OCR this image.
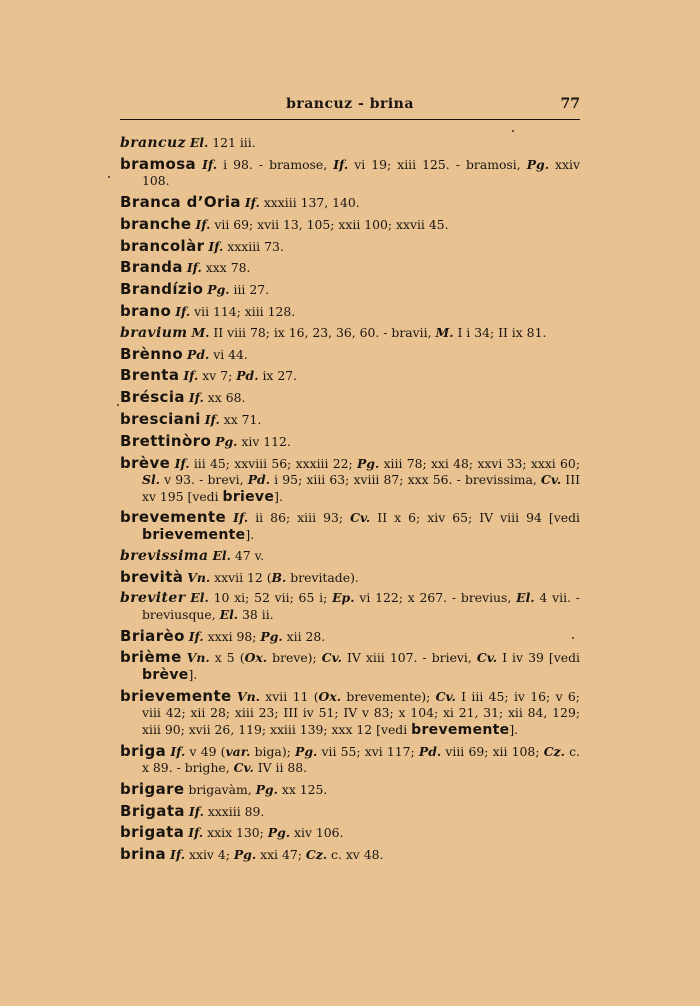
brancuz - brina	77
brancuz El. 121 iii.
bramosa If. i 98. - bramose, If. vi 19; xiii 125. - bramosi, Pg. xxiv 108.
Branca d’Oria If. xxxiii 137, 140.
branche If. vii 69; xvii 13, 105; xxii 100; xxvii 45.
brancolàr If. xxxiii 73.
Branda If. xxx 78.
Brandízio Pg. iii 27.
brano If. vii 114; xiii 128.
bravium M. II viii 78; ix 16, 23, 36, 60. - bravii, M. I i 34; II ix 81.
Brènno Pd. vi 44.
Brenta If. xv 7; Pd. ix 27.
Bréscia If. xx 68.
bresciani If. xx 71.
Brettinòro Pg. xiv 112.
brève If. iii 45; xxviii 56; xxxiii 22; Pg. xiii 78; xxi 48; xxvi 33; xxxi 60; Sl. v 93. - brevi, Pd. i 95; xiii 63; xviii 87; xxx 56. - brevissima, Cv. III xv 195 [vedi brieve].
brevemente If. ii 86; xiii 93; Cv. II x 6; xiv 65; IV viii 94 [vedi brievemente].
brevissima El. 47 v.
brevità Vn. xxvii 12 (B. brevitade).
breviter El. 10 xi; 52 vii; 65 i; Ep. vi 122; x 267. - brevius, El. 4 vii. - breviusque, El. 38 ii.
Briarèo If. xxxi 98; Pg. xii 28.
brième Vn. x 5 (Ox. breve); Cv. IV xiii 107. - brievi, Cv. I iv 39 [vedi brève].
brievemente Vn. xvii 11 (Ox. brevemente); Cv. I iii 45; iv 16; v 6; viii 42; xii 28; xiii 23; III iv 51; IV v 83; x 104; xi 21, 31; xii 84, 129; xiii 90; xvii 26, 119; xxiii 139; xxx 12 [vedi brevemente].
briga If. v 49 (var. biga); Pg. vii 55; xvi 117; Pd. viii 69; xii 108; Cz. c. x 89. - brighe, Cv. IV ii 88.
brigare brigavàm, Pg. xx 125.
Brigata If. xxxiii 89.
brigata If. xxix 130; Pg. xiv 106.
brina If. xxiv 4; Pg. xxi 47; Cz. c. xv 48.
